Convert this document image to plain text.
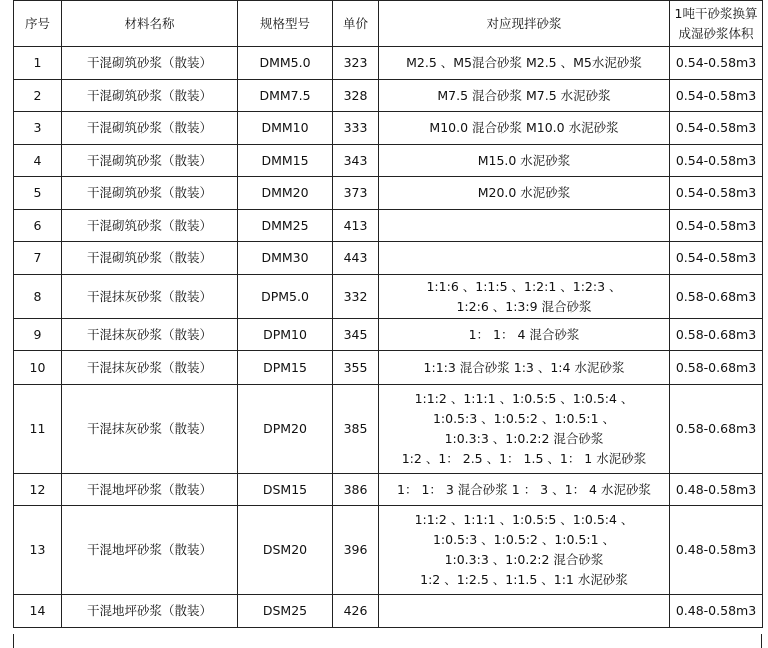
序号	材料名称	规格型号	单价	对应现拌砂浆	1吨干砂浆换算
成湿砂浆体积

1	干混砌筑砂浆（散装）	DMM5.0	323	M2.5 、M5混合砂浆 M2.5 、M5水泥砂浆	0.54-0.58m3
2	干混砌筑砂浆（散装）	DMM7.5	328	M7.5 混合砂浆 M7.5 水泥砂浆	0.54-0.58m3
3	干混砌筑砂浆（散装）	DMM10	333	M10.0 混合砂浆 M10.0 水泥砂浆	0.54-0.58m3
4	干混砌筑砂浆（散装）	DMM15	343	M15.0 水泥砂浆	0.54-0.58m3
5	干混砌筑砂浆（散装）	DMM20	373	M20.0 水泥砂浆	0.54-0.58m3
6	干混砌筑砂浆（散装）	DMM25	413		0.54-0.58m3
7	干混砌筑砂浆（散装）	DMM30	443		0.54-0.58m3
8	干混抹灰砂浆（散装）	DPM5.0	332	1:1:6 、1:1:5 、1:2:1 、1:2:3 、
1:2:6 、1:3:9 混合砂浆	0.58-0.68m3
9	干混抹灰砂浆（散装）	DPM10	345	1： 1： 4 混合砂浆	0.58-0.68m3
10	干混抹灰砂浆（散装）	DPM15	355	1:1:3 混合砂浆 1:3 、1:4 水泥砂浆	0.58-0.68m3
11	干混抹灰砂浆（散装）	DPM20	385	1:1:2 、1:1:1 、1:0.5:5 、1:0.5:4 、
1:0.5:3 、1:0.5:2 、1:0.5:1 、
1:0.3:3 、1:0.2:2 混合砂浆
1:2 、1： 2.5 、1： 1.5 、1： 1 水泥砂浆	0.58-0.68m3
12	干混地坪砂浆（散装）	DSM15	386	1： 1： 3 混合砂浆 1 ： 3 、1： 4 水泥砂浆	0.48-0.58m3
13	干混地坪砂浆（散装）	DSM20	396	1:1:2 、1:1:1 、1:0.5:5 、1:0.5:4 、
1:0.5:3 、1:0.5:2 、1:0.5:1 、
1:0.3:3 、1:0.2:2 混合砂浆
1:2 、1:2.5 、1:1.5 、1:1 水泥砂浆	0.48-0.58m3
14	干混地坪砂浆（散装）	DSM25	426		0.48-0.58m3
